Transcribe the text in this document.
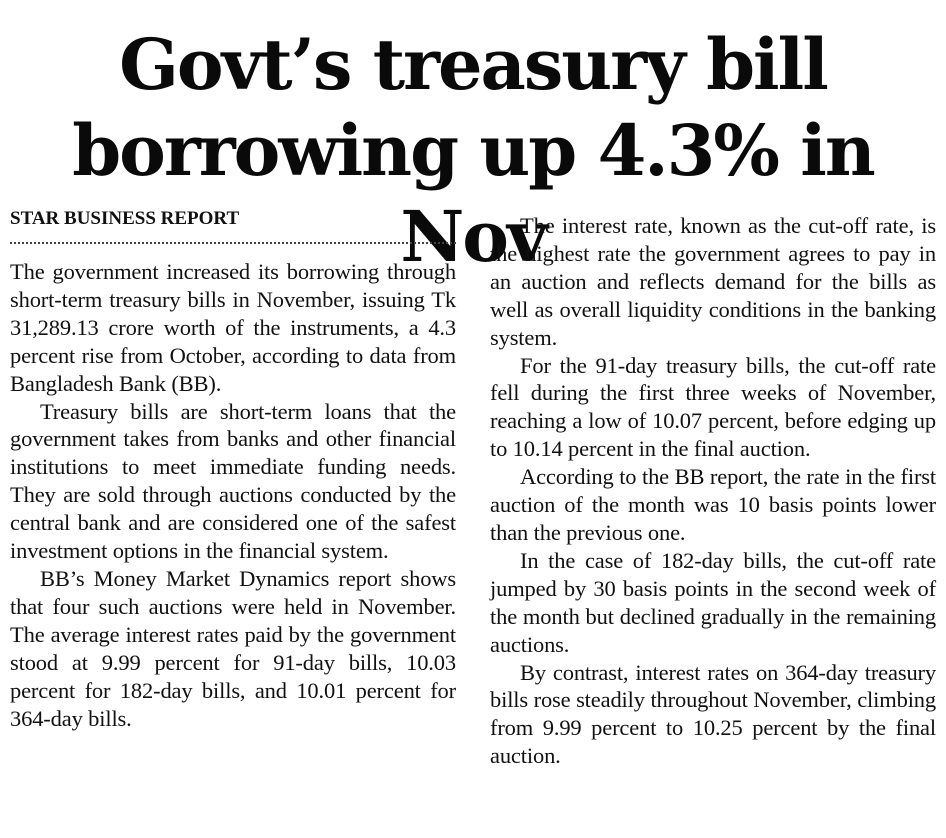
Govt’s treasury bill
borrowing up 4.3% in Nov
STAR BUSINESS REPORT

The government increased its borrowing through short-term treasury bills in November, issuing Tk 31,289.13 crore worth of the instruments, a 4.3 percent rise from October, according to data from Bangladesh Bank (BB).

Treasury bills are short-term loans that the government takes from banks and other financial institutions to meet immediate funding needs. They are sold through auctions conducted by the central bank and are considered one of the safest investment options in the financial system.

BB’s Money Market Dynamics report shows that four such auctions were held in November. The average interest rates paid by the government stood at 9.99 percent for 91-day bills, 10.03 percent for 182-day bills, and 10.01 percent for 364-day bills.

The interest rate, known as the cut-off rate, is the highest rate the government agrees to pay in an auction and reflects demand for the bills as well as overall liquidity conditions in the banking system.

For the 91-day treasury bills, the cut-off rate fell during the first three weeks of November, reaching a low of 10.07 percent, before edging up to 10.14 percent in the final auction.

According to the BB report, the rate in the first auction of the month was 10 basis points lower than the previous one.

In the case of 182-day bills, the cut-off rate jumped by 30 basis points in the second week of the month but declined gradually in the remaining auctions.

By contrast, interest rates on 364-day treasury bills rose steadily throughout November, climbing from 9.99 percent to 10.25 percent by the final auction.
